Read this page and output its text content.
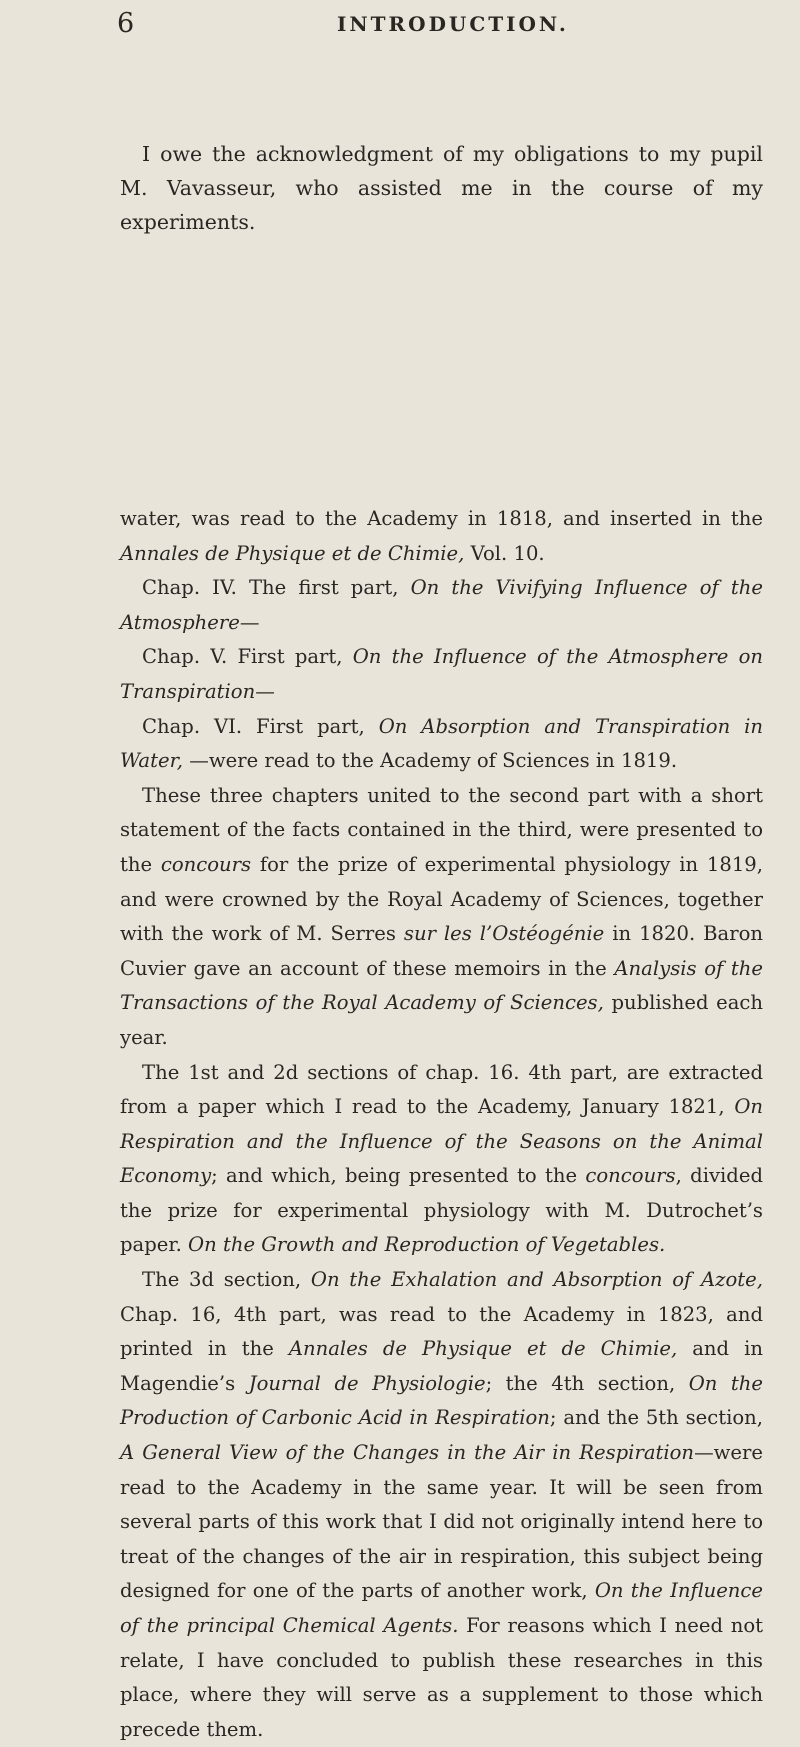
6	INTRODUCTION.

I owe the acknowledgment of my obligations to my pupil M. Vavasseur, who assisted me in the course of my experiments.

water, was read to the Academy in 1818, and inserted in the Annales de Physique et de Chimie, Vol. 10.

Chap. IV. The first part, On the Vivifying Influence of the Atmosphere—

Chap. V. First part, On the Influence of the Atmosphere on Transpiration—

Chap. VI. First part, On Absorption and Transpiration in Water, —were read to the Academy of Sciences in 1819.

These three chapters united to the second part with a short statement of the facts contained in the third, were presented to the concours for the prize of experimental physiology in 1819, and were crowned by the Royal Academy of Sciences, together with the work of M. Serres sur les l’Ostéogénie in 1820. Baron Cuvier gave an account of these memoirs in the Analysis of the Transactions of the Royal Academy of Sciences, published each year.

The 1st and 2d sections of chap. 16. 4th part, are extracted from a paper which I read to the Academy, January 1821, On Respiration and the Influence of the Seasons on the Animal Economy; and which, being presented to the concours, divided the prize for experimental physiology with M. Dutrochet’s paper. On the Growth and Reproduction of Vegetables.

The 3d section, On the Exhalation and Absorption of Azote, Chap. 16, 4th part, was read to the Academy in 1823, and printed in the Annales de Physique et de Chimie, and in Magendie’s Journal de Physiologie; the 4th section, On the Production of Carbonic Acid in Respiration; and the 5th section, A General View of the Changes in the Air in Respiration—were read to the Academy in the same year. It will be seen from several parts of this work that I did not originally intend here to treat of the changes of the air in respiration, this subject being designed for one of the parts of another work, On the Influence of the principal Chemical Agents. For reasons which I need not relate, I have concluded to publish these researches in this place, where they will serve as a supplement to those which precede them.
